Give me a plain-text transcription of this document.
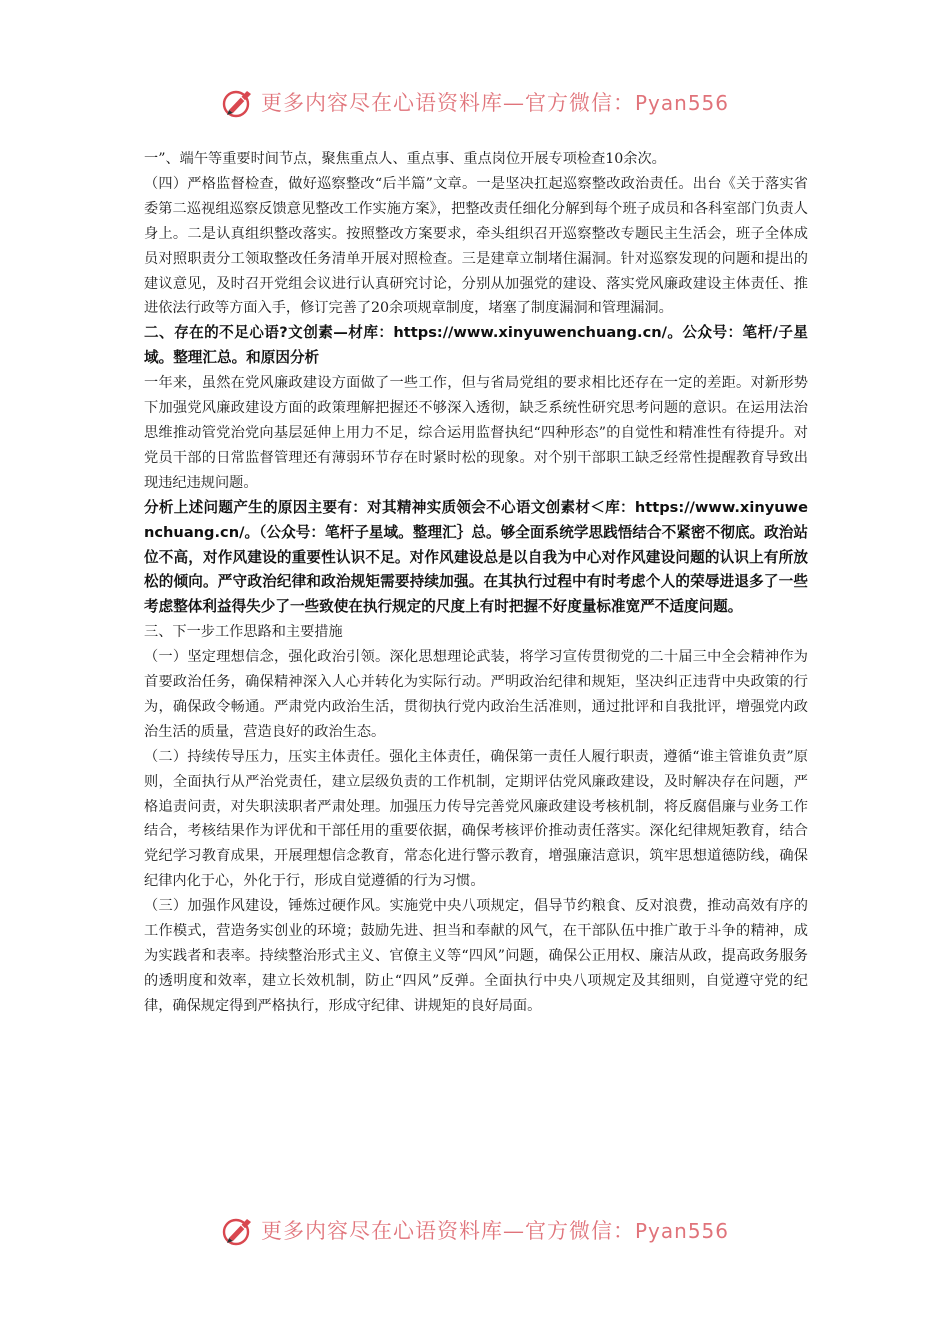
更多内容尽在心语资料库—官方微信：Pyan556

一”、端午等重要时间节点，聚焦重点人、重点事、重点岗位开展专项检查10余次。

（四）严格监督检查，做好巡察整改“后半篇”文章。一是坚决扛起巡察整改政治责任。出台《关于落实省委第二巡视组巡察反馈意见整改工作实施方案》，把整改责任细化分解到每个班子成员和各科室部门负责人身上。二是认真组织整改落实。按照整改方案要求，牵头组织召开巡察整改专题民主生活会，班子全体成员对照职责分工领取整改任务清单开展对照检查。三是建章立制堵住漏洞。针对巡察发现的问题和提出的建议意见，及时召开党组会议进行认真研究讨论，分别从加强党的建设、落实党风廉政建设主体责任、推进依法行政等方面入手，修订完善了20余项规章制度，堵塞了制度漏洞和管理漏洞。

二、存在的不足心语?文创素—材库：https://www.xinyuwenchuang.cn/。公众号：笔杆/子星域。整理汇总。和原因分析

一年来，虽然在党风廉政建设方面做了一些工作，但与省局党组的要求相比还存在一定的差距。对新形势下加强党风廉政建设方面的政策理解把握还不够深入透彻，缺乏系统性研究思考问题的意识。在运用法治思维推动管党治党向基层延伸上用力不足，综合运用监督执纪“四种形态”的自觉性和精准性有待提升。对党员干部的日常监督管理还有薄弱环节存在时紧时松的现象。对个别干部职工缺乏经常性提醒教育导致出现违纪违规问题。

分析上述问题产生的原因主要有：对其精神实质领会不心语文创素材＜库：https://www.xinyuwenchuang.cn/。（公众号：笔杆子星域。整理汇｝总。够全面系统学思践悟结合不紧密不彻底。政治站位不高，对作风建设的重要性认识不足。对作风建设总是以自我为中心对作风建设问题的认识上有所放松的倾向。严守政治纪律和政治规矩需要持续加强。在其执行过程中有时考虑个人的荣辱进退多了一些考虑整体利益得失少了一些致使在执行规定的尺度上有时把握不好度量标准宽严不适度问题。

三、下一步工作思路和主要措施

（一）坚定理想信念，强化政治引领。深化思想理论武装，将学习宣传贯彻党的二十届三中全会精神作为首要政治任务，确保精神深入人心并转化为实际行动。严明政治纪律和规矩，坚决纠正违背中央政策的行为，确保政令畅通。严肃党内政治生活，贯彻执行党内政治生活准则，通过批评和自我批评，增强党内政治生活的质量，营造良好的政治生态。

（二）持续传导压力，压实主体责任。强化主体责任，确保第一责任人履行职责，遵循“谁主管谁负责”原则，全面执行从严治党责任，建立层级负责的工作机制，定期评估党风廉政建设，及时解决存在问题，严格追责问责，对失职渎职者严肃处理。加强压力传导完善党风廉政建设考核机制，将反腐倡廉与业务工作结合，考核结果作为评优和干部任用的重要依据，确保考核评价推动责任落实。深化纪律规矩教育，结合党纪学习教育成果，开展理想信念教育，常态化进行警示教育，增强廉洁意识，筑牢思想道德防线，确保纪律内化于心，外化于行，形成自觉遵循的行为习惯。

（三）加强作风建设，锤炼过硬作风。实施党中央八项规定，倡导节约粮食、反对浪费，推动高效有序的工作模式，营造务实创业的环境；鼓励先进、担当和奉献的风气，在干部队伍中推广敢于斗争的精神，成为实践者和表率。持续整治形式主义、官僚主义等“四风”问题，确保公正用权、廉洁从政，提高政务服务的透明度和效率，建立长效机制，防止“四风”反弹。全面执行中央八项规定及其细则，自觉遵守党的纪律，确保规定得到严格执行，形成守纪律、讲规矩的良好局面。

更多内容尽在心语资料库—官方微信：Pyan556
